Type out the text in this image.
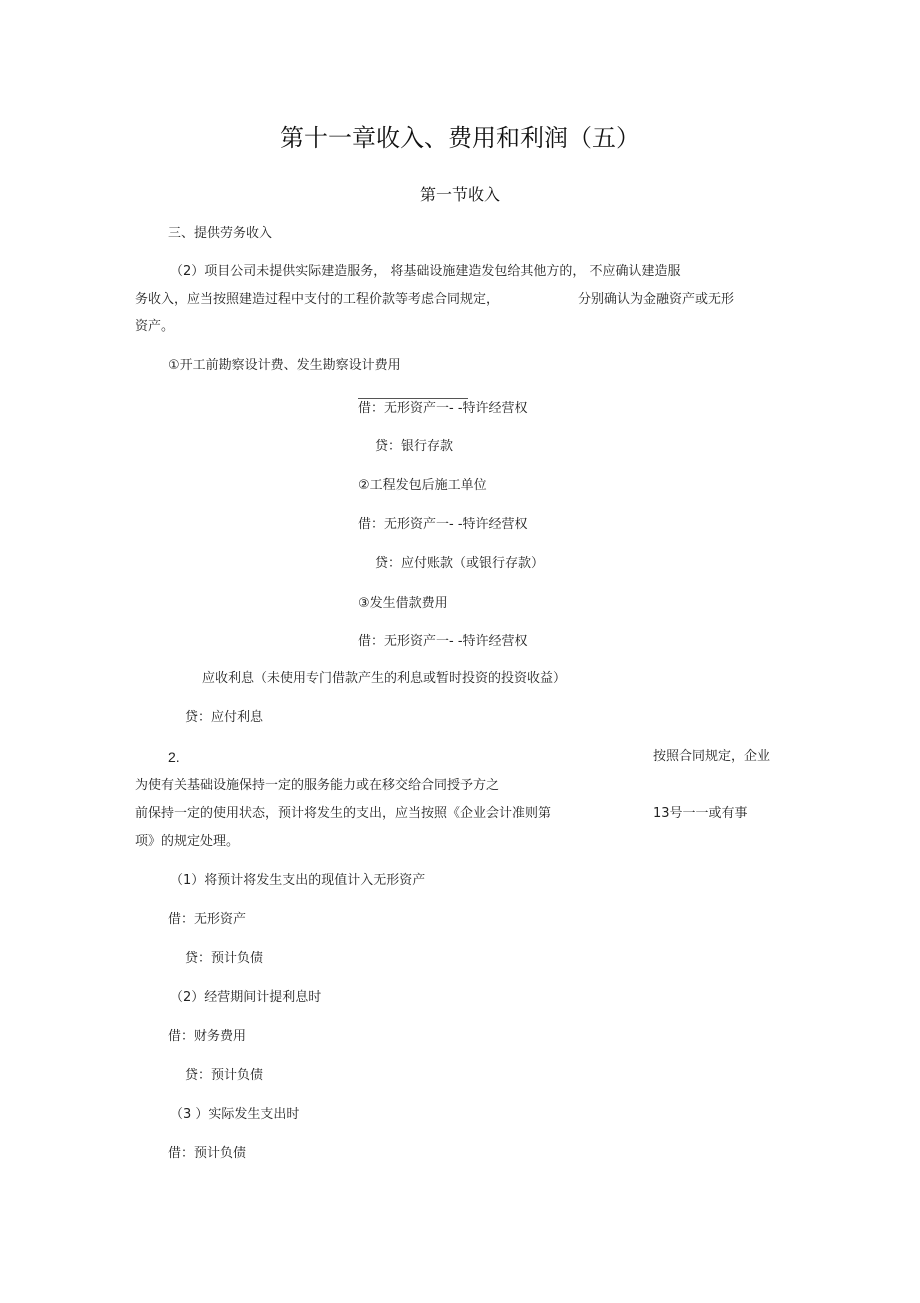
第十一章收入、费用和利润（五）
第一节收入
三、提供劳务收入
（2）项目公司未提供实际建造服务， 将基础设施建造发包给其他方的， 不应确认建造服
务收入，应当按照建造过程中支付的工程价款等考虑合同规定，	分别确认为金融资产或无形
资产。
①开工前勘察设计费、发生勘察设计费用
借：无形资产一- -特许经营权
贷：银行存款
②工程发包后施工单位
借：无形资产一- -特许经营权
贷：应付账款（或银行存款）
③发生借款费用
借：无形资产一- -特许经营权
应收利息（未使用专门借款产生的利息或暂时投资的投资收益）
贷：应付利息
2.	按照合同规定，企业
为使有关基础设施保持一定的服务能力或在移交给合同授予方之
前保持一定的使用状态，预计将发生的支出，应当按照《企业会计准则第	13号一一或有事
项》的规定处理。
（1）将预计将发生支出的现值计入无形资产
借：无形资产
贷：预计负债
（2）经营期间计提利息时
借：财务费用
贷：预计负债
（3 ）实际发生支出时
借：预计负债
